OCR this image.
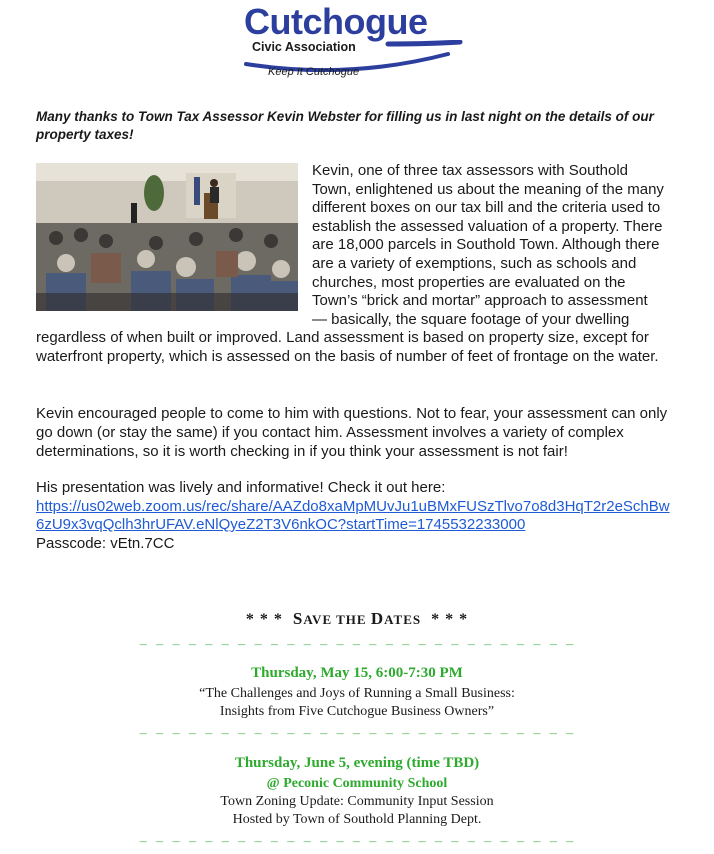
Cutchogue
Civic Association
Keep It Cutchogue
Many thanks to Town Tax Assessor Kevin Webster for filling us in last night on the details of our property taxes!
Kevin, one of three tax assessors with Southold Town, enlightened us about the meaning of the many different boxes on our tax bill and the criteria used to establish the assessed valuation of a property. There are 18,000 parcels in Southold Town. Although there are a variety of exemptions, such as schools and churches, most properties are evaluated on the Town’s “brick and mortar” approach to assessment — basically, the square footage of your dwelling regardless of when built or improved. Land assessment is based on property size, except for waterfront property, which is assessed on the basis of number of feet of frontage on the water.
Kevin encouraged people to come to him with questions. Not to fear, your assessment can only go down (or stay the same) if you contact him. Assessment involves a variety of complex determinations, so it is worth checking in if you think your assessment is not fair!
His presentation was lively and informative! Check it out here:
https://us02web.zoom.us/rec/share/AAZdo8xaMpMUvJu1uBMxFUSzTlvo7o8d3HqT2r2eSchBw6zU9x3vqQclh3hrUFAV.eNlQyeZ2T3V6nkOC?startTime=1745532233000
Passcode: vEtn.7CC
* * * SAVE THE DATES * * *
_ _ _ _ _ _ _ _ _ _ _ _ _ _ _ _ _ _ _ _ _ _ _ _ _ _ _
Thursday, May 15, 6:00-7:30 PM
“The Challenges and Joys of Running a Small Business:
Insights from Five Cutchogue Business Owners”
_ _ _ _ _ _ _ _ _ _ _ _ _ _ _ _ _ _ _ _ _ _ _ _ _ _ _
Thursday, June 5, evening (time TBD)
@ Peconic Community School
Town Zoning Update: Community Input Session
Hosted by Town of Southold Planning Dept.
_ _ _ _ _ _ _ _ _ _ _ _ _ _ _ _ _ _ _ _ _ _ _ _ _ _ _
